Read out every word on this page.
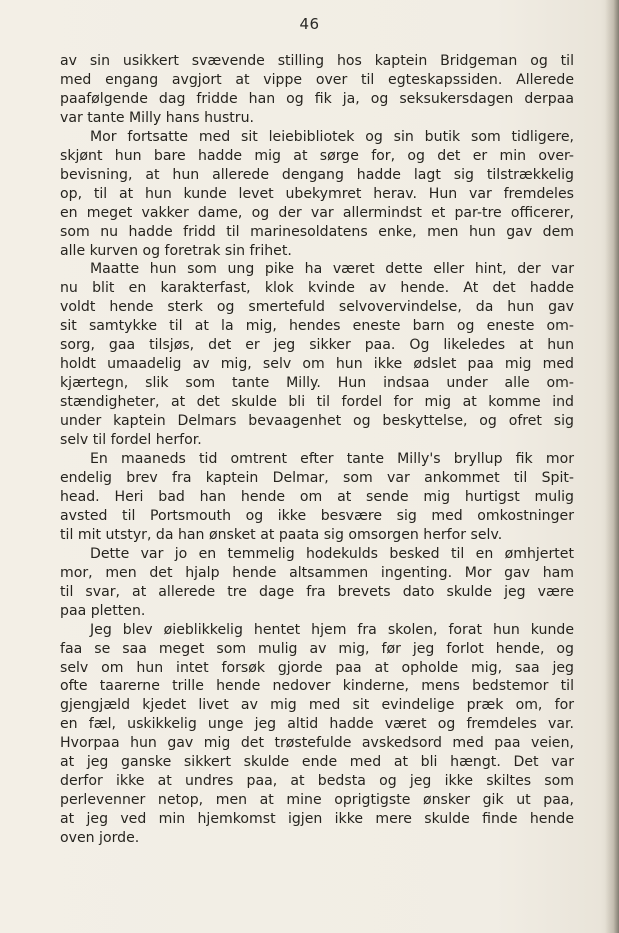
46
av sin usikkert svævende stilling hos kaptein Bridgeman og til
med engang avgjort at vippe over til egteskapssiden. Allerede
paafølgende dag fridde han og fik ja, og seksukersdagen derpaa
var tante Milly hans hustru.
Mor fortsatte med sit leiebibliotek og sin butik som tidligere,
skjønt hun bare hadde mig at sørge for, og det er min over-
bevisning, at hun allerede dengang hadde lagt sig tilstrækkelig
op, til at hun kunde levet ubekymret herav. Hun var fremdeles
en meget vakker dame, og der var allermindst et par-tre officerer,
som nu hadde fridd til marinesoldatens enke, men hun gav dem
alle kurven og foretrak sin frihet.
Maatte hun som ung pike ha været dette eller hint, der var
nu blit en karakterfast, klok kvinde av hende. At det hadde
voldt hende sterk og smertefuld selvovervindelse, da hun gav
sit samtykke til at la mig, hendes eneste barn og eneste om-
sorg, gaa tilsjøs, det er jeg sikker paa. Og likeledes at hun
holdt umaadelig av mig, selv om hun ikke ødslet paa mig med
kjærtegn, slik som tante Milly. Hun indsaa under alle om-
stændigheter, at det skulde bli til fordel for mig at komme ind
under kaptein Delmars bevaagenhet og beskyttelse, og ofret sig
selv til fordel herfor.
En maaneds tid omtrent efter tante Milly's bryllup fik mor
endelig brev fra kaptein Delmar, som var ankommet til Spit-
head. Heri bad han hende om at sende mig hurtigst mulig
avsted til Portsmouth og ikke besvære sig med omkostninger
til mit utstyr, da han ønsket at paata sig omsorgen herfor selv.
Dette var jo en temmelig hodekulds besked til en ømhjertet
mor, men det hjalp hende altsammen ingenting. Mor gav ham
til svar, at allerede tre dage fra brevets dato skulde jeg være
paa pletten.
Jeg blev øieblikkelig hentet hjem fra skolen, forat hun kunde
faa se saa meget som mulig av mig, før jeg forlot hende, og
selv om hun intet forsøk gjorde paa at opholde mig, saa jeg
ofte taarerne trille hende nedover kinderne, mens bedstemor til
gjengjæld kjedet livet av mig med sit evindelige præk om, for
en fæl, uskikkelig unge jeg altid hadde været og fremdeles var.
Hvorpaa hun gav mig det trøstefulde avskedsord med paa veien,
at jeg ganske sikkert skulde ende med at bli hængt. Det var
derfor ikke at undres paa, at bedsta og jeg ikke skiltes som
perlevenner netop, men at mine oprigtigste ønsker gik ut paa,
at jeg ved min hjemkomst igjen ikke mere skulde finde hende
oven jorde.
